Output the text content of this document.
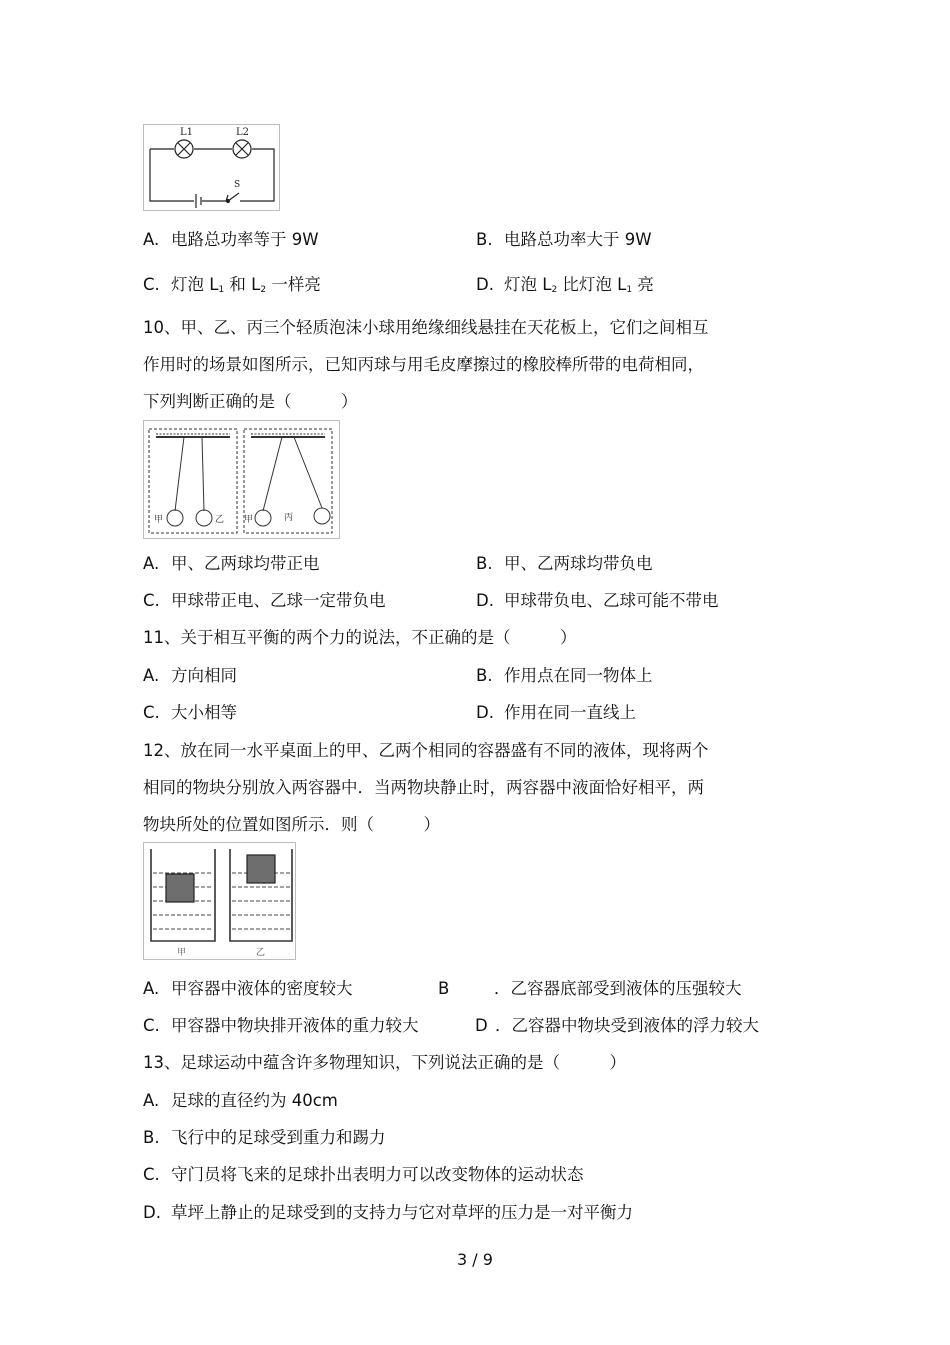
L1	L2
S
A. 电路总功率等于 9W	B. 电路总功率大于 9W
C. 灯泡 $L_1$ 和 $L_2$ 一样亮	D. 灯泡 $L_2$ 比灯泡 $L_1$ 亮
10、甲、乙、丙三个轻质泡沫小球用绝缘细线悬挂在天花板上，它们之间相互
作用时的场景如图所示，已知丙球与用毛皮摩擦过的橡胶棒所带的电荷相同，
下列判断正确的是（　　　）
甲	乙 甲	丙
A. 甲、乙两球均带正电	B. 甲、乙两球均带负电
C. 甲球带正电、乙球一定带负电	D. 甲球带负电、乙球可能不带电
11、关于相互平衡的两个力的说法，不正确的是（　　　）
A. 方向相同	B. 作用点在同一物体上
C. 大小相等	D. 作用在同一直线上
12、放在同一水平桌面上的甲、乙两个相同的容器盛有不同的液体，现将两个
相同的物块分别放入两容器中．当两物块静止时，两容器中液面恰好相平，两
物块所处的位置如图所示．则（　　　）
甲	乙
A. 甲容器中液体的密度较大	B	．乙容器底部受到液体的压强较大
C. 甲容器中物块排开液体的重力较大	D ．乙容器中物块受到液体的浮力较大
13、足球运动中蕴含许多物理知识，下列说法正确的是（　　　）
A. 足球的直径约为 40cm
B. 飞行中的足球受到重力和踢力
C. 守门员将飞来的足球扑出表明力可以改变物体的运动状态
D. 草坪上静止的足球受到的支持力与它对草坪的压力是一对平衡力
3 / 9
